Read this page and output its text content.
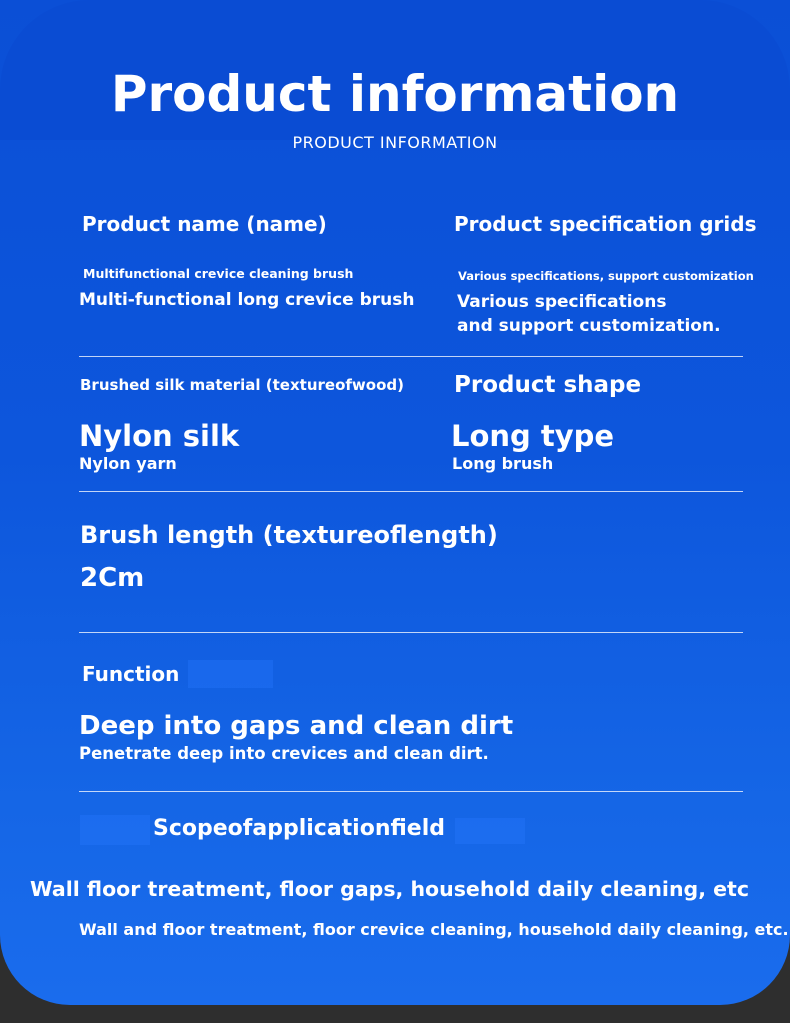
Product information
PRODUCT INFORMATION
Product name (name)
Multifunctional crevice cleaning brush
Multi-functional long crevice brush
Product specification grids
Various specifications, support customization
Various specifications
and support customization.
Brushed silk material (textureofwood)
Nylon silk
Nylon yarn
Product shape
Long type
Long brush
Brush length (textureoflength)
2Cm
Function
Deep into gaps and clean dirt
Penetrate deep into crevices and clean dirt.
Scopeofapplicationfield
Wall floor treatment, floor gaps, household daily cleaning, etc
Wall and floor treatment, floor crevice cleaning, household daily cleaning, etc.
